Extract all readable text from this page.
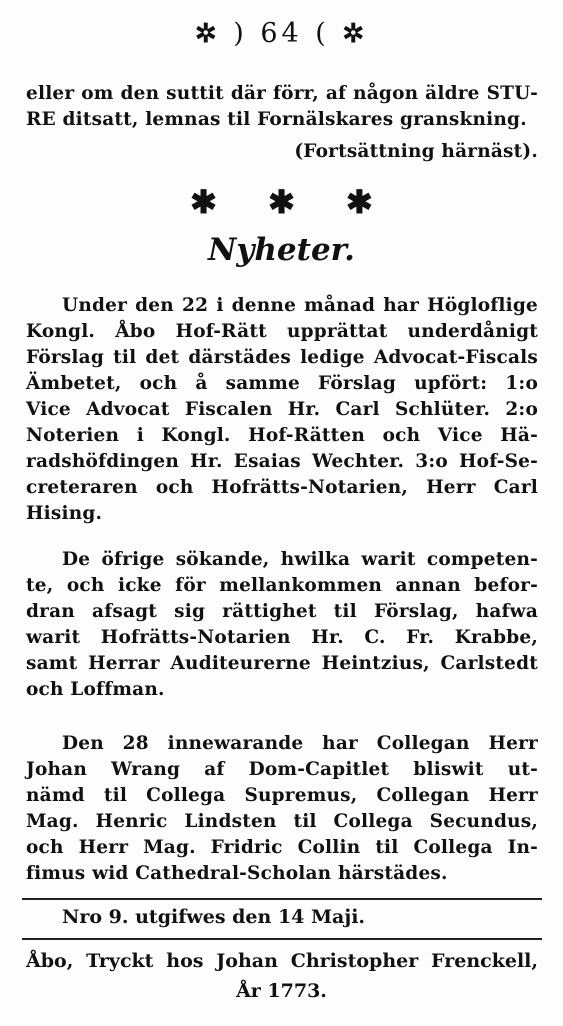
✲ ) 64 ( ✲
eller om den suttit där förr, af någon äldre STU-
RE ditsatt, lemnas til Fornälskares granskning.
(Fortsättning härnäst).
✱ ✱ ✱
Nyheter.
Under den 22 i denne månad har Högloflige
Kongl. Åbo Hof-Rätt upprättat underdånigt
Förslag til det därstädes ledige Advocat-Fiscals
Ämbetet, och å samme Förslag upfört: 1:o
Vice Advocat Fiscalen Hr. Carl Schlüter. 2:o
Noterien i Kongl. Hof-Rätten och Vice Hä-
radshöfdingen Hr. Esaias Wechter. 3:o Hof-Se-
creteraren och Hofrätts-Notarien, Herr Carl
Hising.
De öfrige sökande, hwilka warit competen-
te, och icke för mellankommen annan befor-
dran afsagt sig rättighet til Förslag, hafwa
warit Hofrätts-Notarien Hr. C. Fr. Krabbe,
samt Herrar Auditeurerne Heintzius, Carlstedt
och Loffman.
Den 28 innewarande har Collegan Herr
Johan Wrang af Dom-Capitlet bliswit ut-
nämd til Collega Supremus, Collegan Herr
Mag. Henric Lindsten til Collega Secundus,
och Herr Mag. Fridric Collin til Collega In-
fimus wid Cathedral-Scholan härstädes.
Nro 9. utgifwes den 14 Maji.
Åbo, Tryckt hos Johan Christopher Frenckell,
År 1773.
